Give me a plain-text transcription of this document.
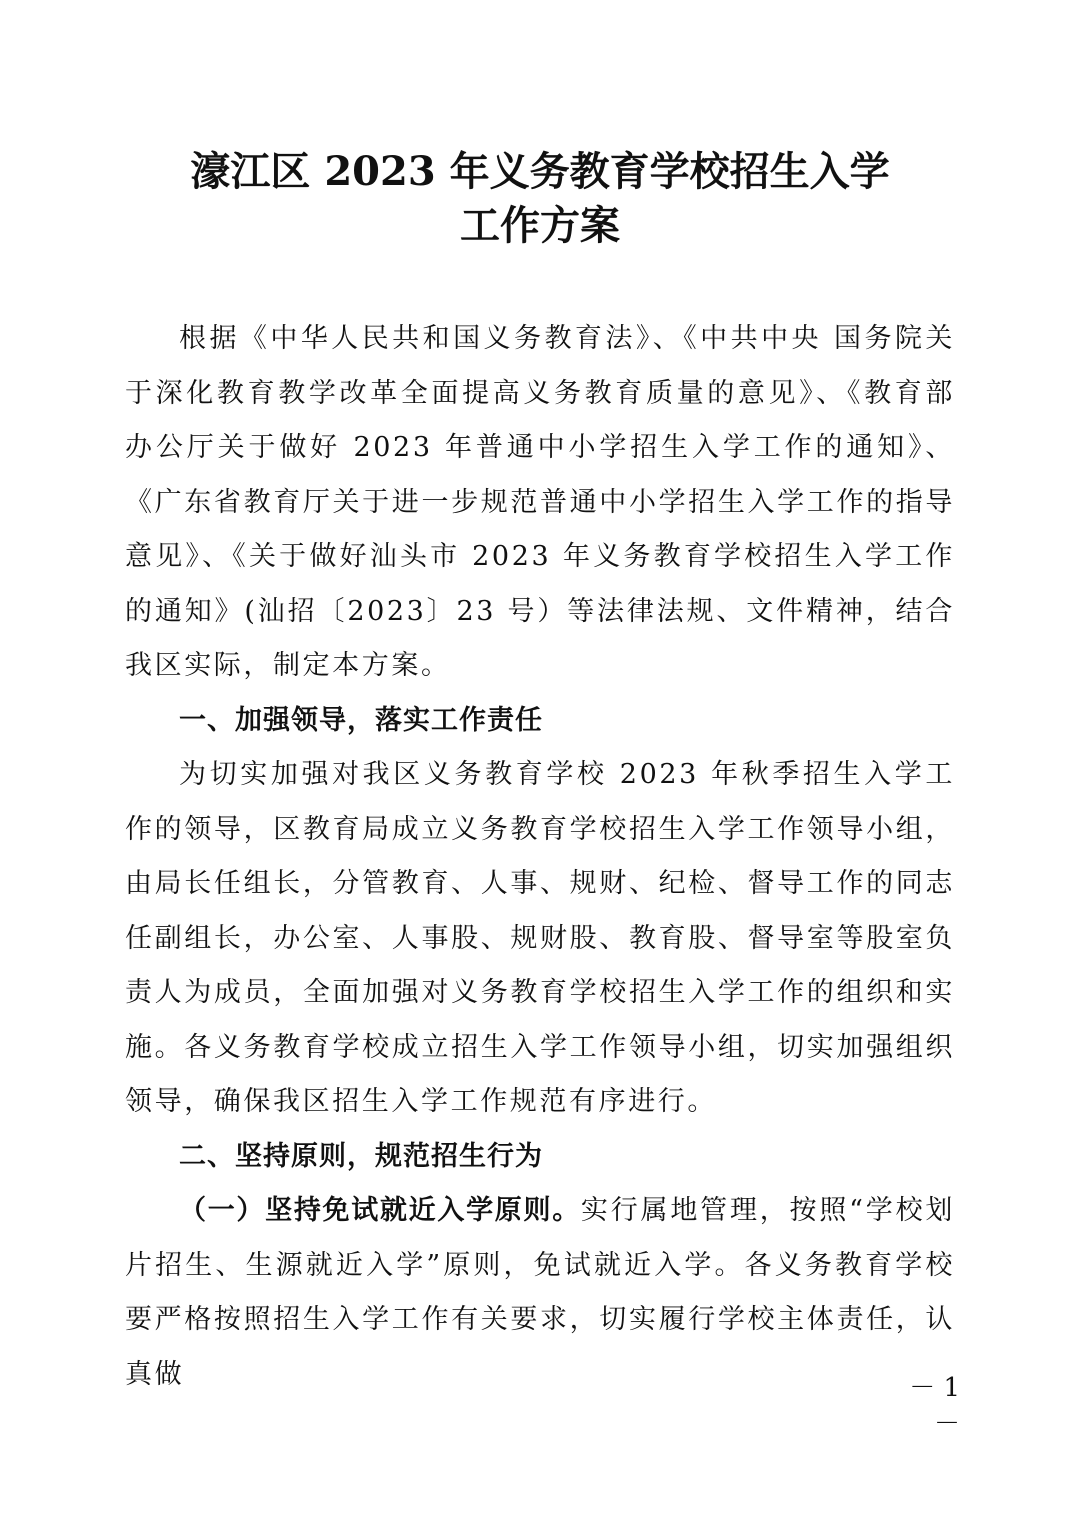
濠江区 2023 年义务教育学校招生入学
工作方案

根据《中华人民共和国义务教育法》、《中共中央 国务院关于深化教育教学改革全面提高义务教育质量的意见》、《教育部办公厅关于做好 2023 年普通中小学招生入学工作的通知》、《广东省教育厅关于进一步规范普通中小学招生入学工作的指导意见》、《关于做好汕头市 2023 年义务教育学校招生入学工作的通知》(汕招〔2023〕23 号）等法律法规、文件精神，结合我区实际，制定本方案。

一、加强领导，落实工作责任

为切实加强对我区义务教育学校 2023 年秋季招生入学工作的领导，区教育局成立义务教育学校招生入学工作领导小组，由局长任组长，分管教育、人事、规财、纪检、督导工作的同志任副组长，办公室、人事股、规财股、教育股、督导室等股室负责人为成员，全面加强对义务教育学校招生入学工作的组织和实施。各义务教育学校成立招生入学工作领导小组，切实加强组织领导，确保我区招生入学工作规范有序进行。

二、坚持原则，规范招生行为

（一）坚持免试就近入学原则。实行属地管理，按照“学校划片招生、生源就近入学”原则，免试就近入学。各义务教育学校要严格按照招生入学工作有关要求，切实履行学校主体责任，认真做	－ 1 －
